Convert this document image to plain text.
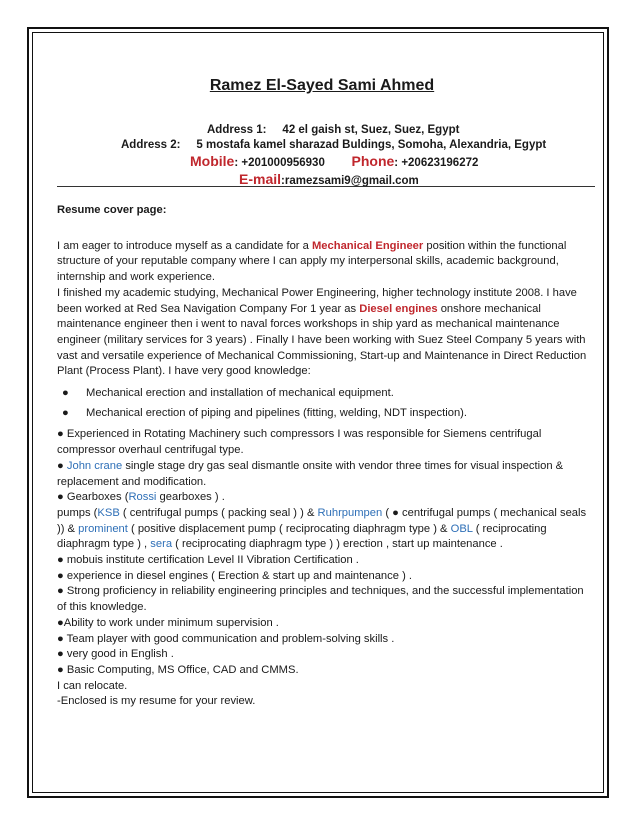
Ramez El-Sayed Sami Ahmed
Address 1: 42 el gaish st, Suez, Suez, Egypt
Address 2: 5 mostafa kamel sharazad Buldings, Somoha, Alexandria, Egypt
Mobile: +201000956930 Phone: +20623196272
E-mail:ramezsami9@gmail.com

Resume cover page:

I am eager to introduce myself as a candidate for a Mechanical Engineer position within the functional structure of your reputable company where I can apply my interpersonal skills, academic background, internship and work experience.

I finished my academic studying, Mechanical Power Engineering, higher technology institute 2008. I have been worked at Red Sea Navigation Company For 1 year as Diesel engines onshore mechanical maintenance engineer then i went to naval forces workshops in ship yard as mechanical maintenance engineer (military services for 3 years) . Finally I have been working with Suez Steel Company 5 years with vast and versatile experience of Mechanical Commissioning, Start-up and Maintenance in Direct Reduction Plant (Process Plant). I have very good knowledge:

●	Mechanical erection and installation of mechanical equipment.
●	Mechanical erection of piping and pipelines (fitting, welding, NDT inspection).

● Experienced in Rotating Machinery such compressors I was responsible for Siemens centrifugal compressor overhaul centrifugal type.

● John crane single stage dry gas seal dismantle onsite with vendor three times for visual inspection & replacement and modification.

● Gearboxes (Rossi gearboxes ) .

pumps (KSB ( centrifugal pumps ( packing seal ) ) & Ruhrpumpen ( ● centrifugal pumps ( mechanical seals )) & prominent ( positive displacement pump ( reciprocating diaphragm type ) & OBL ( reciprocating diaphragm type ) , sera ( reciprocating diaphragm type ) ) erection , start up maintenance .

● mobuis institute certification Level II Vibration Certification .

● experience in diesel engines ( Erection & start up and maintenance ) .

● Strong proficiency in reliability engineering principles and techniques, and the successful implementation of this knowledge.

●Ability to work under minimum supervision .

● Team player with good communication and problem-solving skills .

● very good in English .

● Basic Computing, MS Office, CAD and CMMS.

I can relocate.

-Enclosed is my resume for your review.
